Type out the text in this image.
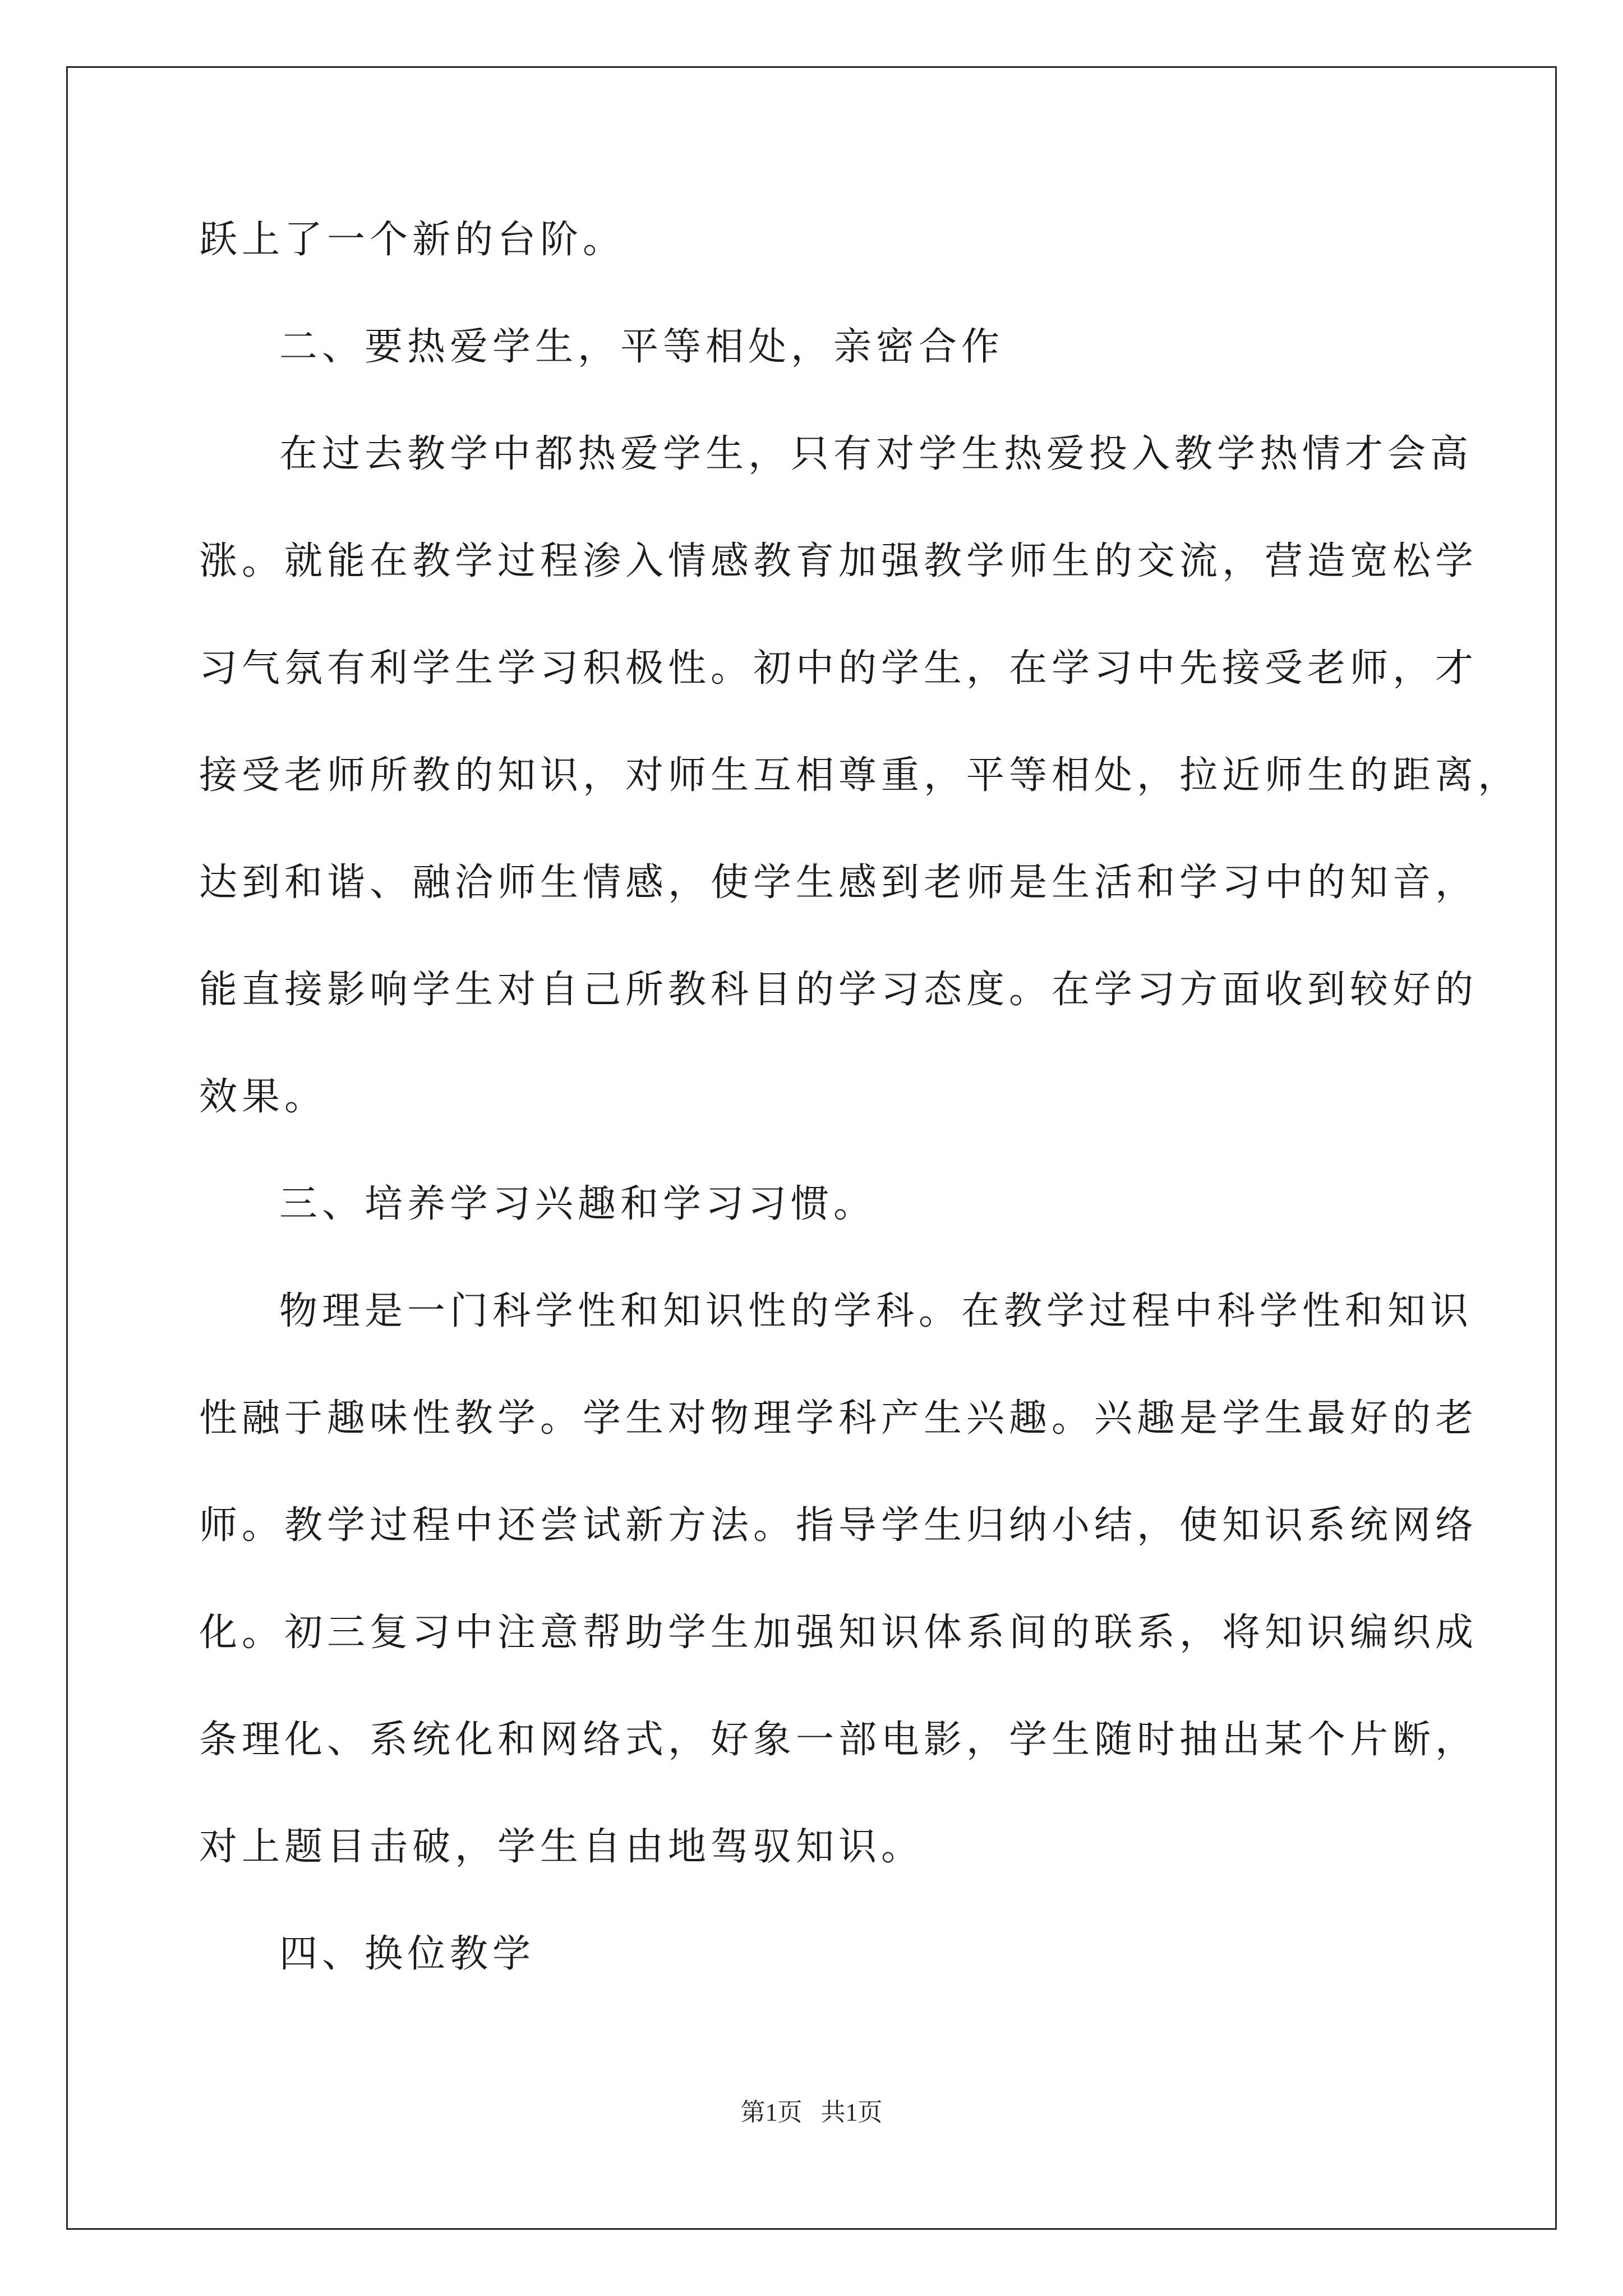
跃上了一个新的台阶。
二、要热爱学生，平等相处，亲密合作
在过去教学中都热爱学生，只有对学生热爱投入教学热情才会高
涨。就能在教学过程渗入情感教育加强教学师生的交流，营造宽松学
习气氛有利学生学习积极性。初中的学生，在学习中先接受老师，才
接受老师所教的知识，对师生互相尊重，平等相处，拉近师生的距离，
达到和谐、融洽师生情感，使学生感到老师是生活和学习中的知音，
能直接影响学生对自己所教科目的学习态度。在学习方面收到较好的
效果。
三、培养学习兴趣和学习习惯。
物理是一门科学性和知识性的学科。在教学过程中科学性和知识
性融于趣味性教学。学生对物理学科产生兴趣。兴趣是学生最好的老
师。教学过程中还尝试新方法。指导学生归纳小结，使知识系统网络
化。初三复习中注意帮助学生加强知识体系间的联系，将知识编织成
条理化、系统化和网络式，好象一部电影，学生随时抽出某个片断，
对上题目击破，学生自由地驾驭知识。
四、换位教学
第1页   共1页
